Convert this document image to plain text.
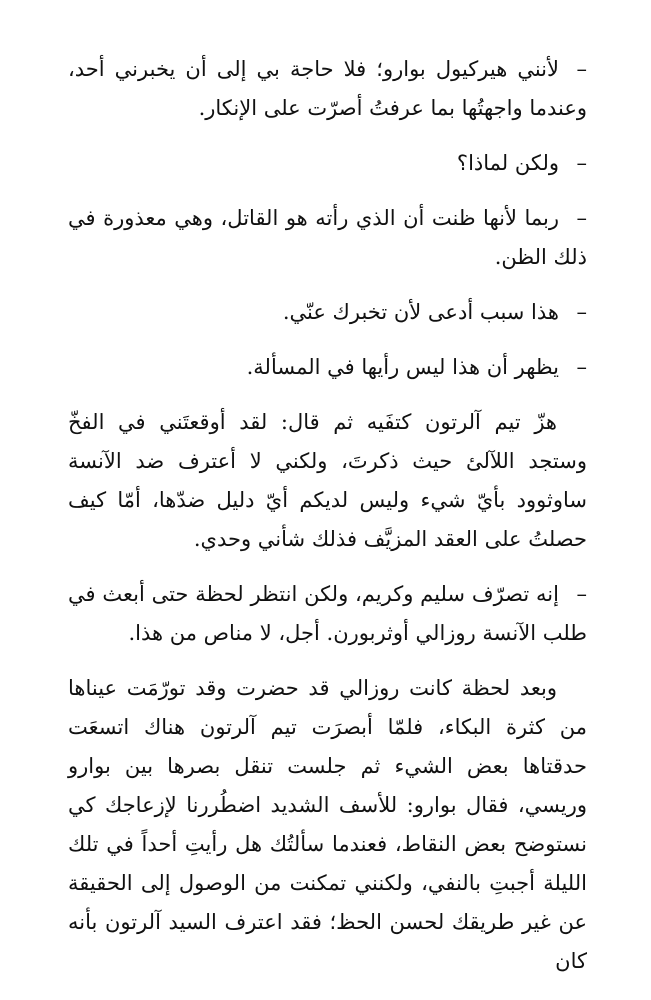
–لأنني هيركيول بوارو؛ فلا حاجة بي إلى أن يخبرني أحد، وعندما واجهتُها بما عرفتُ أصرّت على الإنكار.

–ولكن لماذا؟

–ربما لأنها ظنت أن الذي رأته هو القاتل، وهي معذورة في ذلك الظن.

–هذا سبب أدعى لأن تخبرك عنّي.

–يظهر أن هذا ليس رأيها في المسألة.

هزّ تيم آلرتون كتفَيه ثم قال: لقد أوقعتَني في الفخّ وستجد اللآلئ حيث ذكرتَ، ولكني لا أعترف ضد الآنسة ساوثوود بأيّ شيء وليس لديكم أيّ دليل ضدّها، أمّا كيف حصلتُ على العقد المزيَّف فذلك شأني وحدي.

–إنه تصرّف سليم وكريم، ولكن انتظر لحظة حتى أبعث في طلب الآنسة روزالي أوثربورن. أجل، لا مناص من هذا.

وبعد لحظة كانت روزالي قد حضرت وقد تورّمَت عيناها من كثرة البكاء، فلمّا أبصرَت تيم آلرتون هناك اتسعَت حدقتاها بعض الشيء ثم جلست تنقل بصرها بين بوارو وريسي، فقال بوارو: للأسف الشديد اضطُررنا لإزعاجك كي نستوضح بعض النقاط، فعندما سألتُك هل رأيتِ أحداً في تلك الليلة أجبتِ بالنفي، ولكنني تمكنت من الوصول إلى الحقيقة عن غير طريقك لحسن الحظ؛ فقد اعترف السيد آلرتون بأنه كان
